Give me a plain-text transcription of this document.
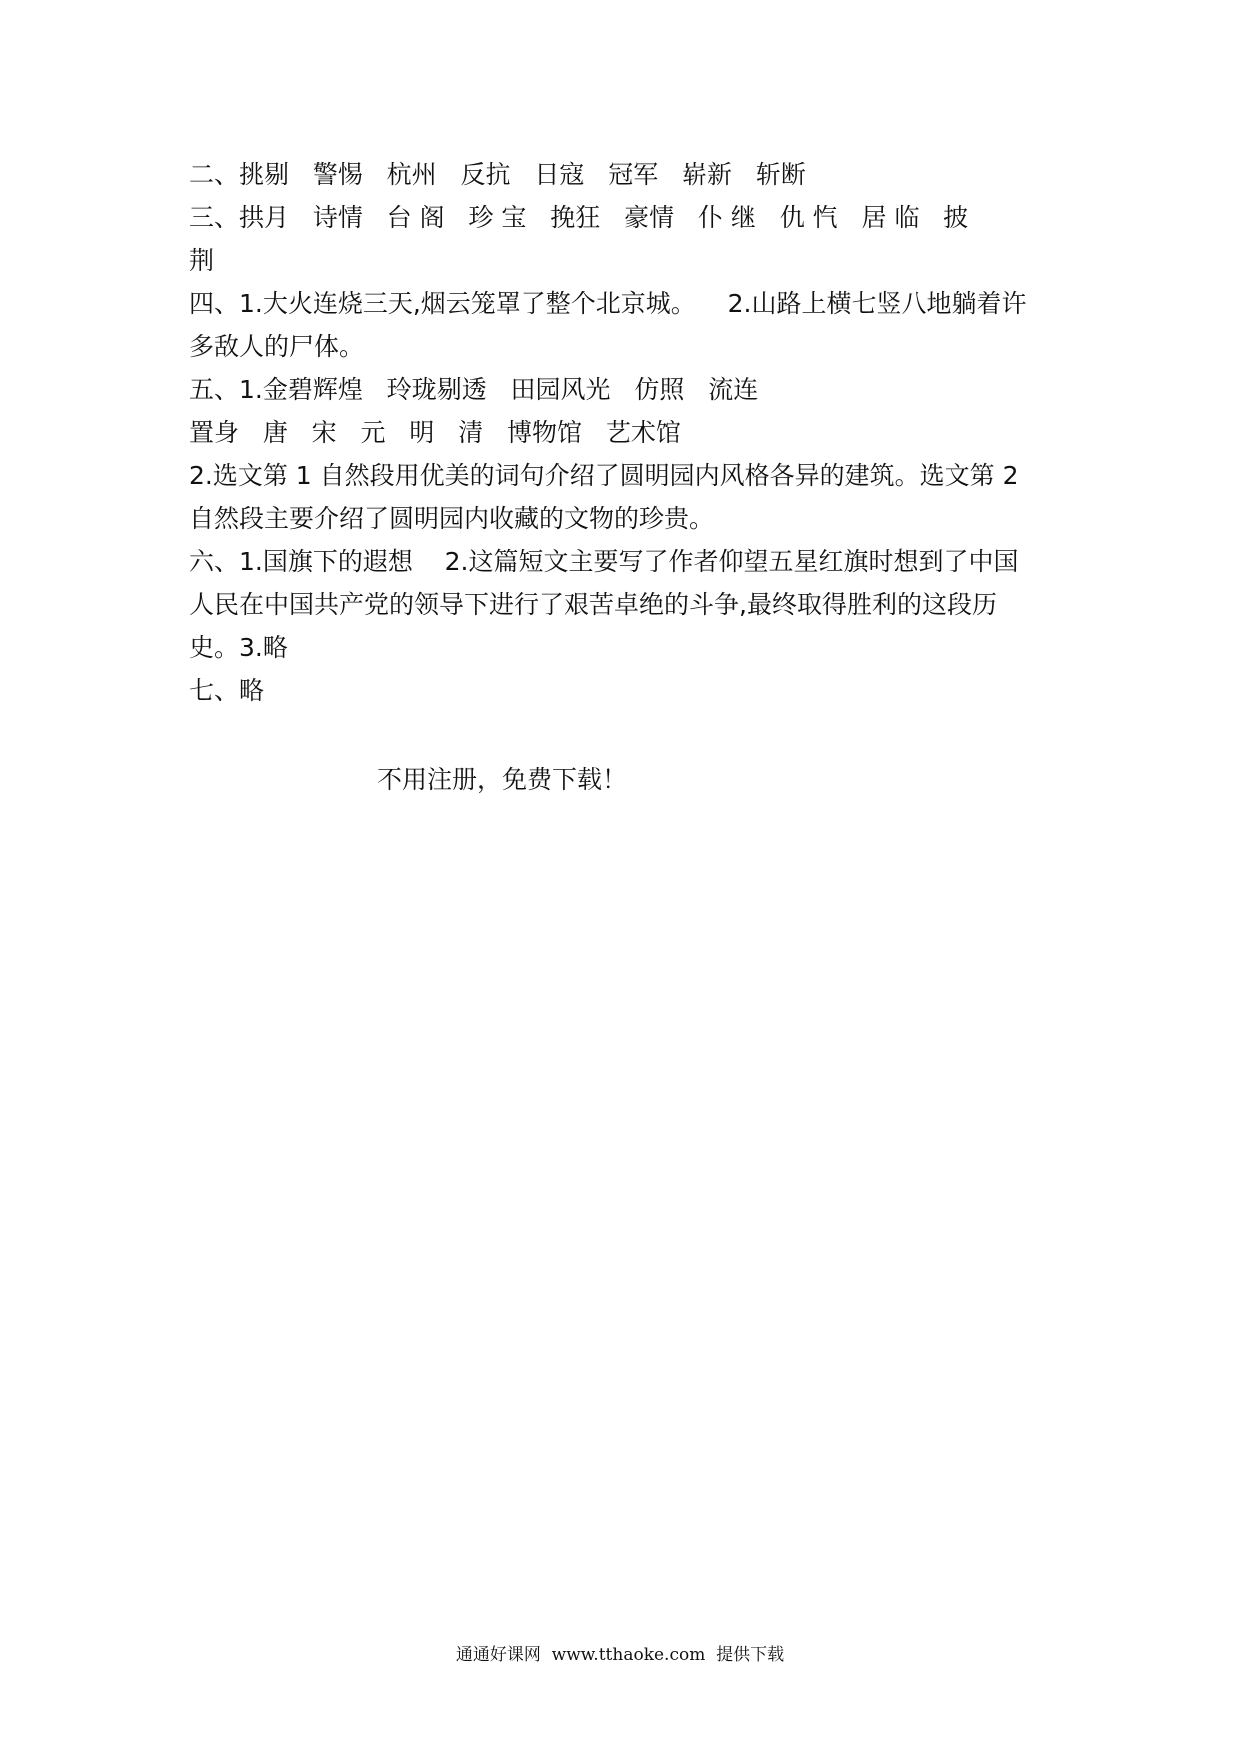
二、挑剔   警惕   杭州   反抗   日寇   冠军   崭新   斩断

三、拱月   诗情   台 阁   珍 宝   挽狂   豪情   仆 继   仇 忾   居 临   披

荆

四、1.大火连烧三天,烟云笼罩了整个北京城。    2.山路上横七竖八地躺着许

多敌人的尸体。

五、1.金碧辉煌   玲珑剔透   田园风光   仿照   流连

置身   唐   宋   元   明   清   博物馆   艺术馆

2.选文第 1 自然段用优美的词句介绍了圆明园内风格各异的建筑。选文第 2

自然段主要介绍了圆明园内收藏的文物的珍贵。

六、1.国旗下的遐想    2.这篇短文主要写了作者仰望五星红旗时想到了中国

人民在中国共产党的领导下进行了艰苦卓绝的斗争,最终取得胜利的这段历

史。3.略

七、略

不用注册，免费下载！
通通好课网  www.tthaoke.com  提供下载
